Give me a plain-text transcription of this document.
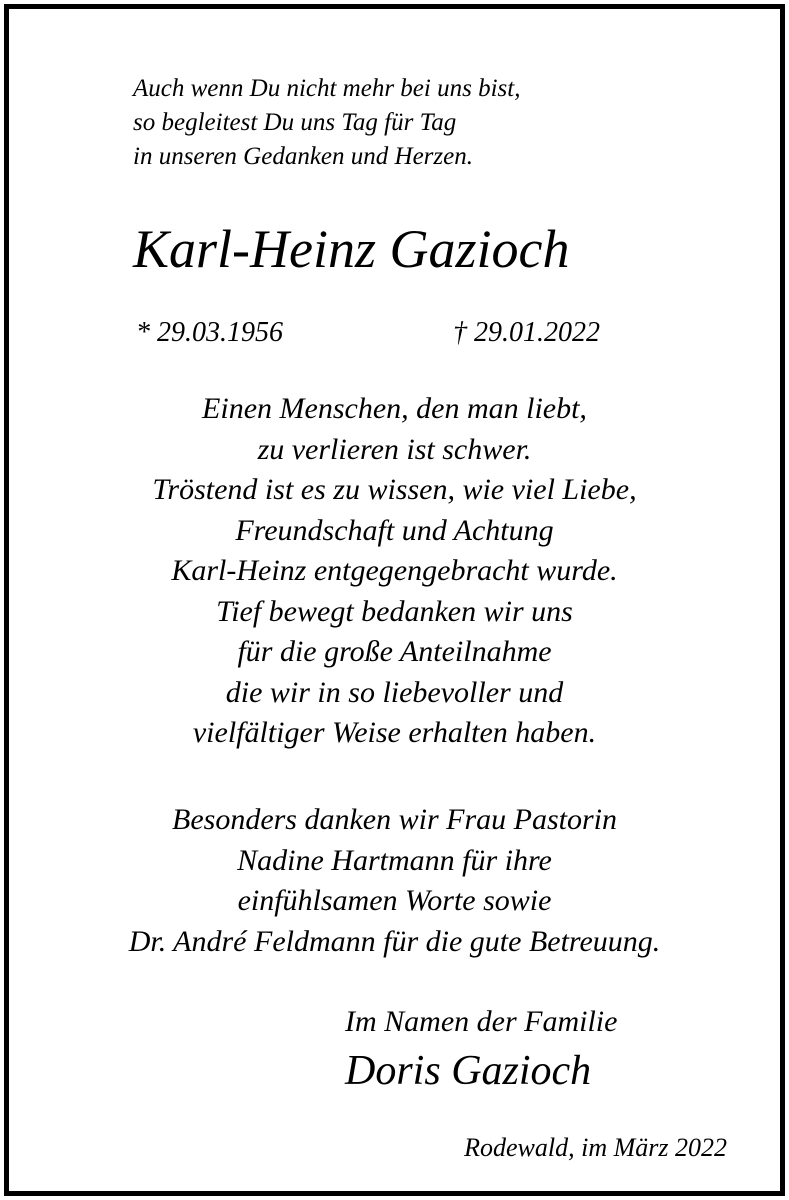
Auch wenn Du nicht mehr bei uns bist,
so begleitest Du uns Tag für Tag
in unseren Gedanken und Herzen.
Karl-Heinz Gazioch
* 29.03.1956	† 29.01.2022
Einen Menschen, den man liebt,
zu verlieren ist schwer.
Tröstend ist es zu wissen, wie viel Liebe,
Freundschaft und Achtung
Karl-Heinz entgegengebracht wurde.
Tief bewegt bedanken wir uns
für die große Anteilnahme
die wir in so liebevoller und
vielfältiger Weise erhalten haben.
Besonders danken wir Frau Pastorin
Nadine Hartmann für ihre
einfühlsamen Worte sowie
Dr. André Feldmann für die gute Betreuung.
Im Namen der Familie
Doris Gazioch
Rodewald, im März 2022
